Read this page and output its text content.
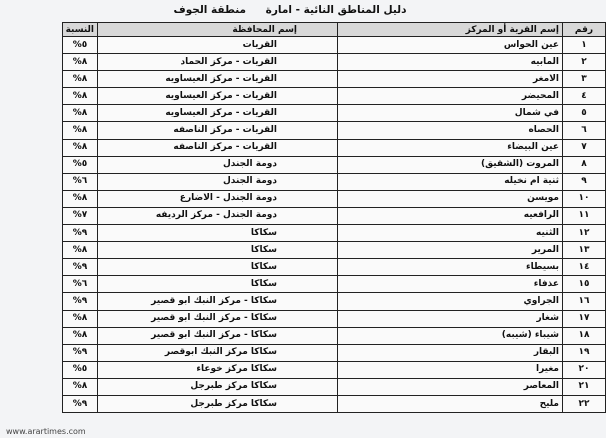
دليل المناطق النائية - امارة منطقة الجوف
رقم	إسم القرية أو المركز	إسم المحافظة	النسبة
١	عين الحواس	القريات	٥%
٢	المابيه	القريات - مركز الحماد	٨%
٣	الامغر	القريات - مركز العيساويه	٨%
٤	المحيضر	القريات - مركز العيساويه	٨%
٥	في شمال	القريات - مركز العيساويه	٨%
٦	الحصاه	القريات - مركز الناصفه	٨%
٧	عين البيضاء	القريات - مركز الناصفه	٨%
٨	المروت (الشقيق)	دومة الجندل	٥%
٩	ثنية ام نخيله	دومة الجندل	٦%
١٠	مويسن	دومة الجندل - الاضارع	٨%
١١	الرافعيه	دومة الجندل - مركز الرديفه	٧%
١٢	الثنيه	سكاكا	٩%
١٣	المرير	سكاكا	٨%
١٤	بسيطاء	سكاكا	٩%
١٥	عذفاء	سكاكا	٦%
١٦	الجراوي	سكاكا - مركز النبك ابو قصير	٩%
١٧	شغار	سكاكا - مركز النبك ابو قصير	٨%
١٨	شيباء (شيبه)	سكاكا - مركز النبك ابو قصير	٨%
١٩	البقار	سكاكا مركز النبك ابوقصر	٩%
٢٠	مغيرا	سكاكا مركز خوعاء	٥%
٢١	المعاصر	سكاكا مركز طبرجل	٨%
٢٢	مليح	سكاكا مركز طبرجل	٩%
www.arartimes.com
